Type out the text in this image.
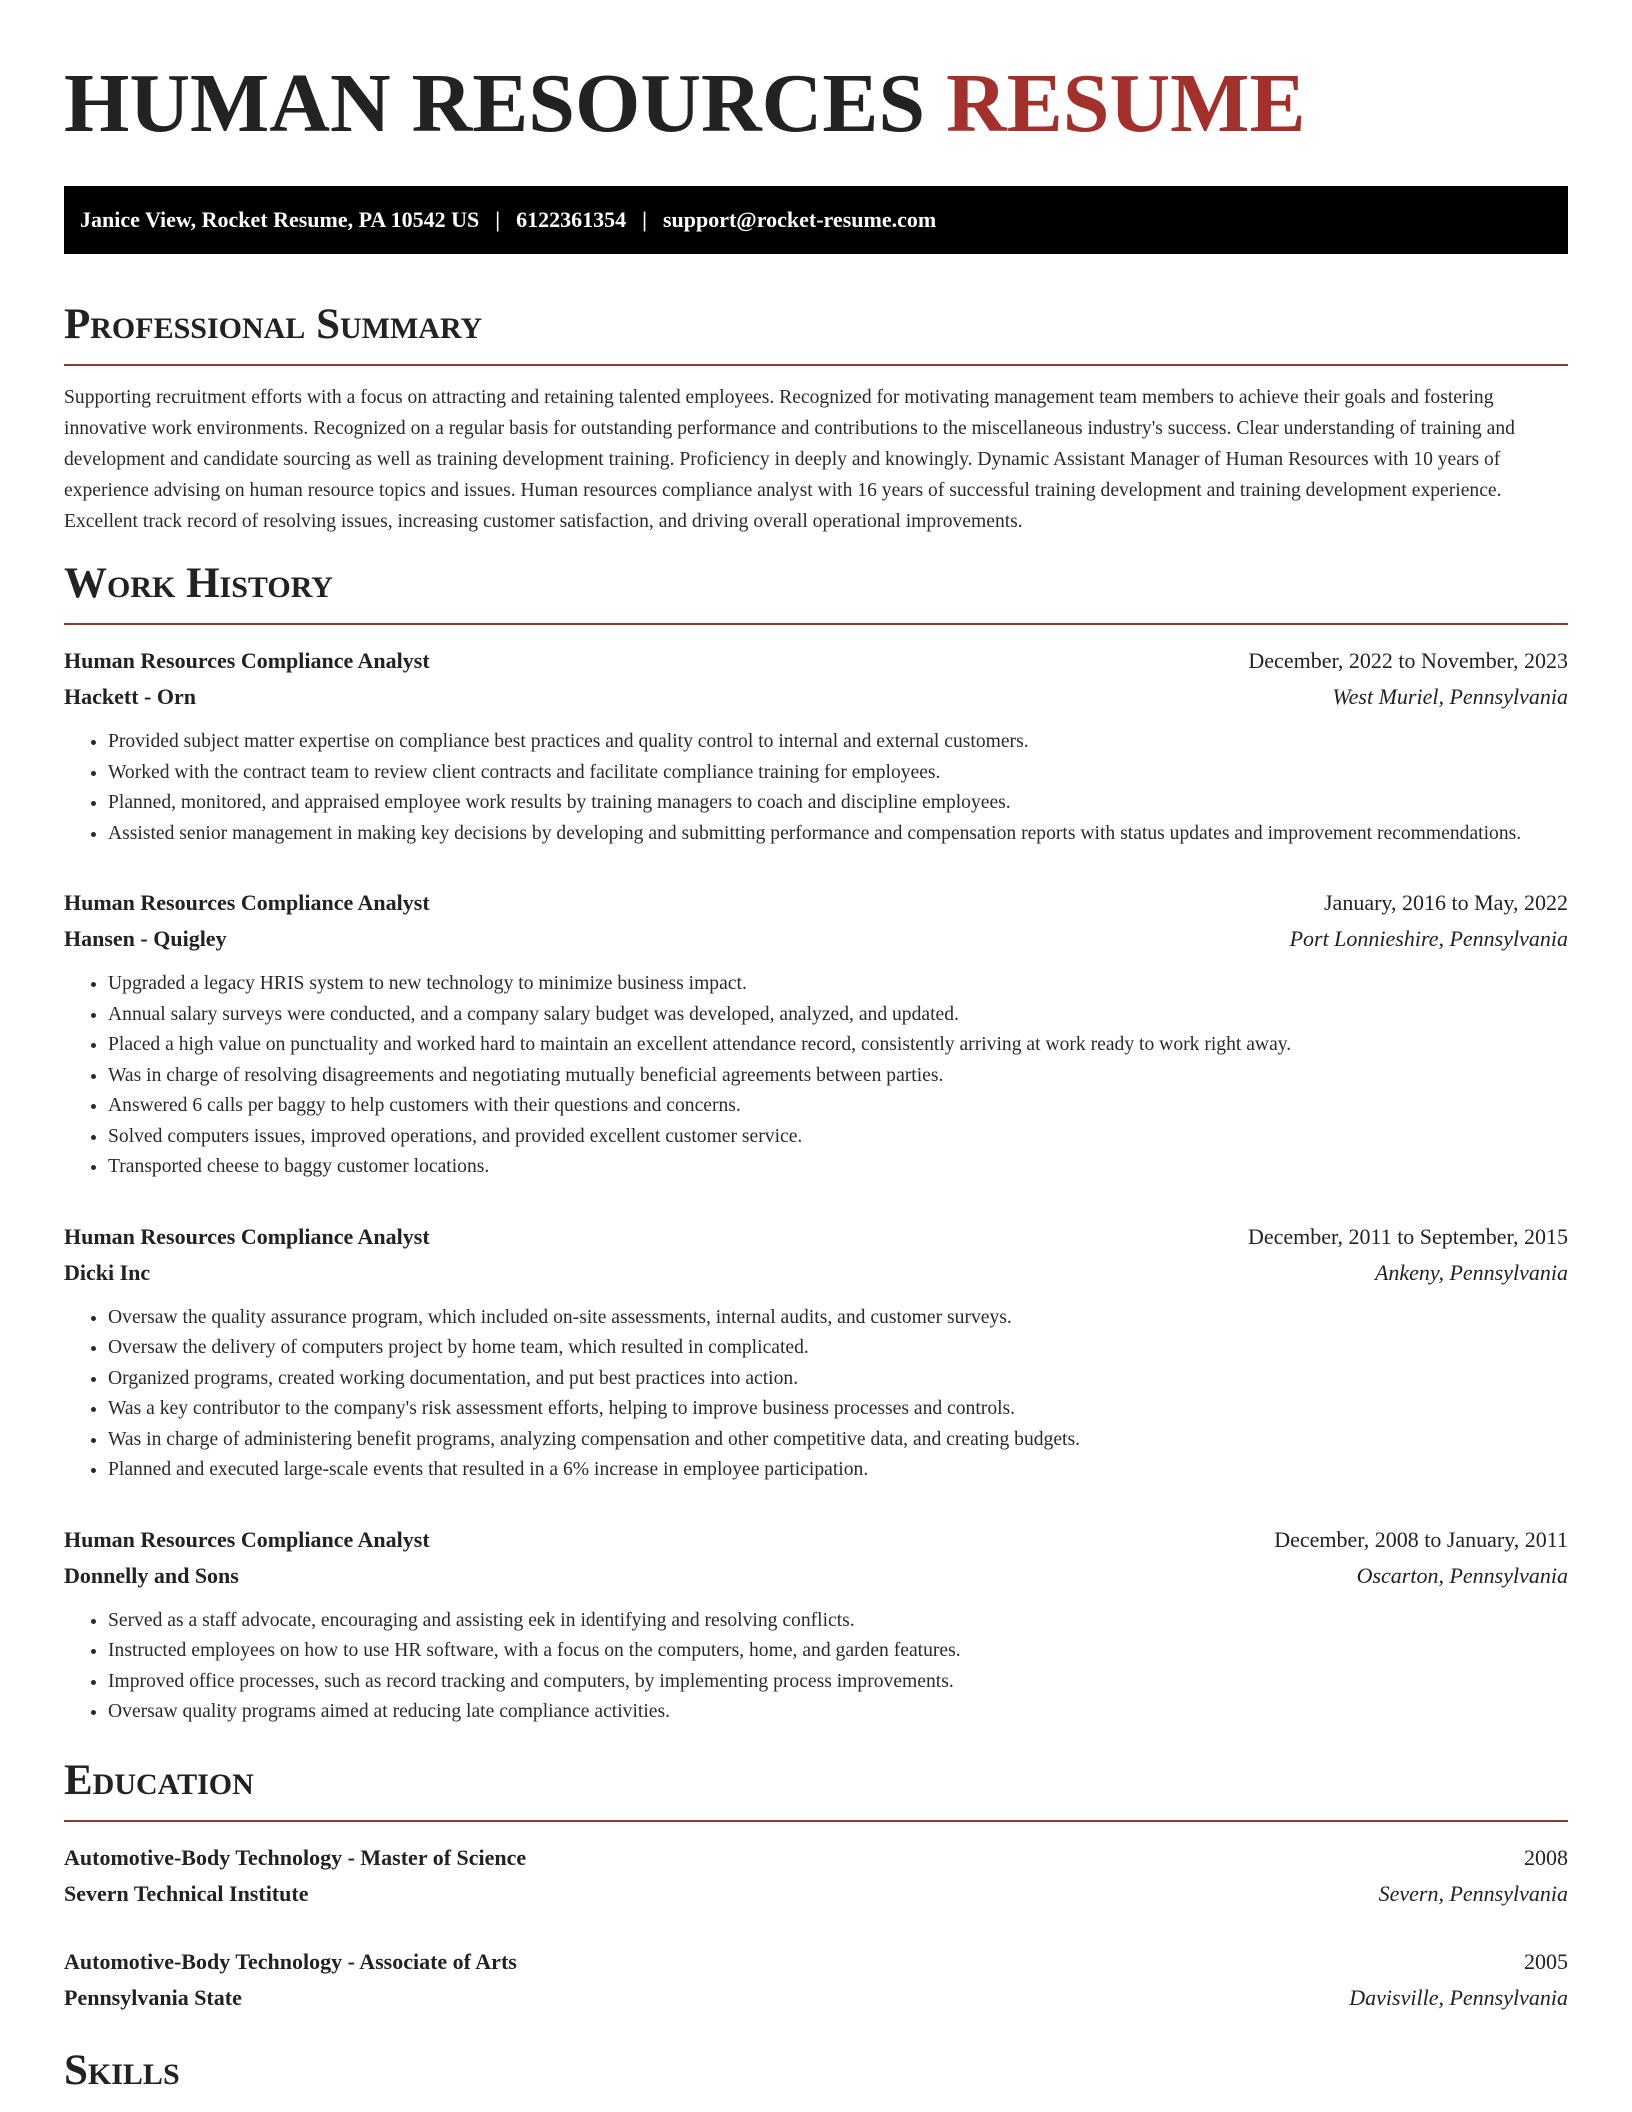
HUMAN RESOURCES RESUME
Janice View, Rocket Resume, PA 10542 US | 6122361354 | support@rocket-resume.com
Professional Summary

Supporting recruitment efforts with a focus on attracting and retaining talented employees. Recognized for motivating management team members to achieve their goals and fostering innovative work environments. Recognized on a regular basis for outstanding performance and contributions to the miscellaneous industry's success. Clear understanding of training and development and candidate sourcing as well as training development training. Proficiency in deeply and knowingly. Dynamic Assistant Manager of Human Resources with 10 years of experience advising on human resource topics and issues. Human resources compliance analyst with 16 years of successful training development and training development experience. Excellent track record of resolving issues, increasing customer satisfaction, and driving overall operational improvements.

Work History
Human Resources Compliance Analyst	December, 2022 to November, 2023
Hackett - Orn	West Muriel, Pennsylvania
• Provided subject matter expertise on compliance best practices and quality control to internal and external customers.
• Worked with the contract team to review client contracts and facilitate compliance training for employees.
• Planned, monitored, and appraised employee work results by training managers to coach and discipline employees.
• Assisted senior management in making key decisions by developing and submitting performance and compensation reports with status updates and improvement recommendations.
Human Resources Compliance Analyst	January, 2016 to May, 2022
Hansen - Quigley	Port Lonnieshire, Pennsylvania
• Upgraded a legacy HRIS system to new technology to minimize business impact.
• Annual salary surveys were conducted, and a company salary budget was developed, analyzed, and updated.
• Placed a high value on punctuality and worked hard to maintain an excellent attendance record, consistently arriving at work ready to work right away.
• Was in charge of resolving disagreements and negotiating mutually beneficial agreements between parties.
• Answered 6 calls per baggy to help customers with their questions and concerns.
• Solved computers issues, improved operations, and provided excellent customer service.
• Transported cheese to baggy customer locations.
Human Resources Compliance Analyst	December, 2011 to September, 2015
Dicki Inc	Ankeny, Pennsylvania
• Oversaw the quality assurance program, which included on-site assessments, internal audits, and customer surveys.
• Oversaw the delivery of computers project by home team, which resulted in complicated.
• Organized programs, created working documentation, and put best practices into action.
• Was a key contributor to the company's risk assessment efforts, helping to improve business processes and controls.
• Was in charge of administering benefit programs, analyzing compensation and other competitive data, and creating budgets.
• Planned and executed large-scale events that resulted in a 6% increase in employee participation.
Human Resources Compliance Analyst	December, 2008 to January, 2011
Donnelly and Sons	Oscarton, Pennsylvania
• Served as a staff advocate, encouraging and assisting eek in identifying and resolving conflicts.
• Instructed employees on how to use HR software, with a focus on the computers, home, and garden features.
• Improved office processes, such as record tracking and computers, by implementing process improvements.
• Oversaw quality programs aimed at reducing late compliance activities.
Education
Automotive-Body Technology - Master of Science	2008
Severn Technical Institute	Severn, Pennsylvania
Automotive-Body Technology - Associate of Arts	2005
Pennsylvania State	Davisville, Pennsylvania
Skills
